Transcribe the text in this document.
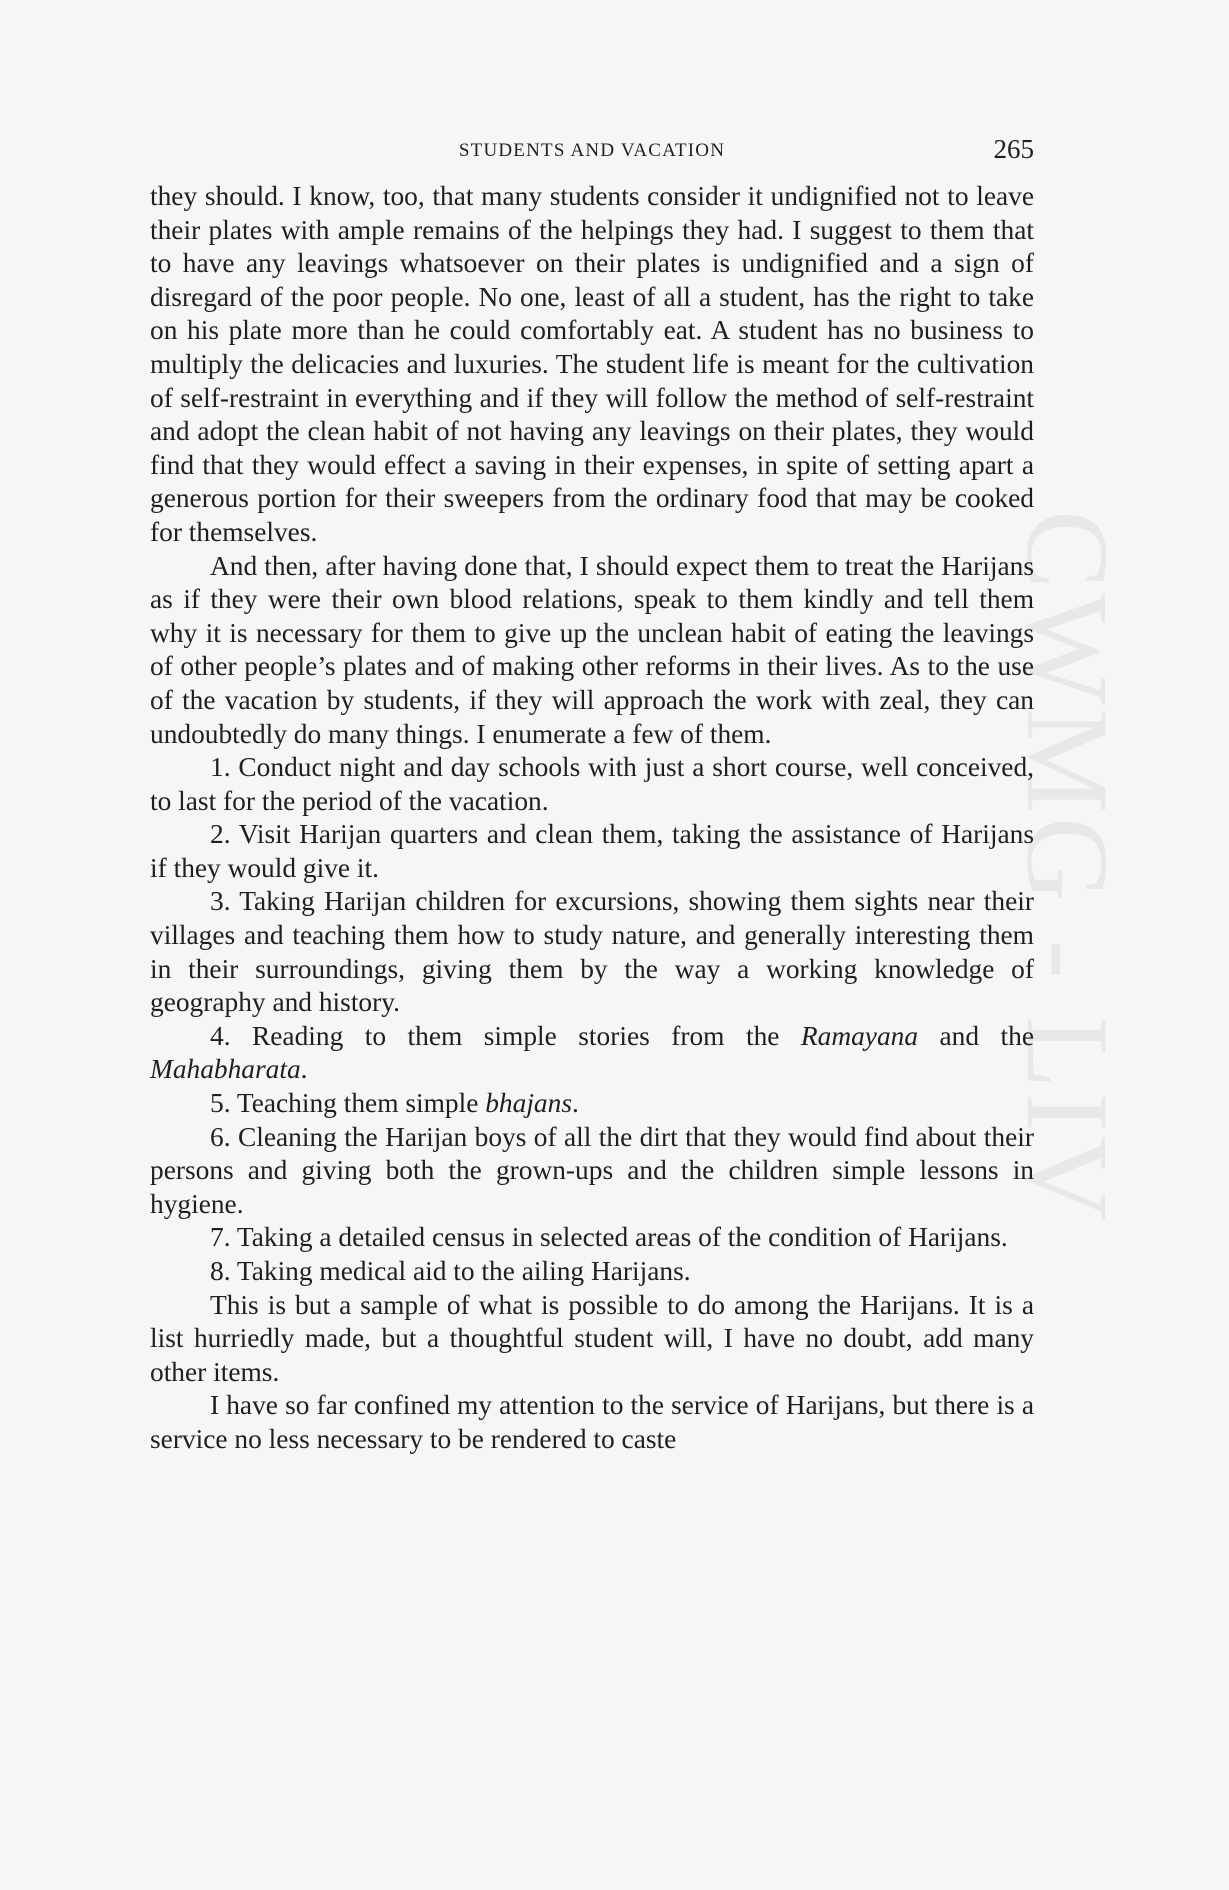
STUDENTS AND VACATION	265
CWMG - LIV

they should. I know, too, that many students consider it undignified not to leave their plates with ample remains of the helpings they had. I suggest to them that to have any leavings whatsoever on their plates is undignified and a sign of disregard of the poor people. No one, least of all a student, has the right to take on his plate more than he could comfortably eat. A student has no business to multiply the delicacies and luxuries. The student life is meant for the cultivation of self-restraint in everything and if they will follow the method of self-restraint and adopt the clean habit of not having any leavings on their plates, they would find that they would effect a saving in their expenses, in spite of setting apart a generous portion for their sweepers from the ordinary food that may be cooked for themselves.

And then, after having done that, I should expect them to treat the Harijans as if they were their own blood relations, speak to them kindly and tell them why it is necessary for them to give up the unclean habit of eating the leavings of other people’s plates and of making other reforms in their lives. As to the use of the vacation by students, if they will approach the work with zeal, they can undoubtedly do many things. I enumerate a few of them.

1. Conduct night and day schools with just a short course, well conceived, to last for the period of the vacation.

2. Visit Harijan quarters and clean them, taking the assistance of Harijans if they would give it.

3. Taking Harijan children for excursions, showing them sights near their villages and teaching them how to study nature, and generally interesting them in their surroundings, giving them by the way a working knowledge of geography and history.

4. Reading to them simple stories from the Ramayana and the Mahabharata.

5. Teaching them simple bhajans.

6. Cleaning the Harijan boys of all the dirt that they would find about their persons and giving both the grown-ups and the children simple lessons in hygiene.

7. Taking a detailed census in selected areas of the condition of Harijans.

8. Taking medical aid to the ailing Harijans.

This is but a sample of what is possible to do among the Harijans. It is a list hurriedly made, but a thoughtful student will, I have no doubt, add many other items.

I have so far confined my attention to the service of Harijans, but there is a service no less necessary to be rendered to caste
